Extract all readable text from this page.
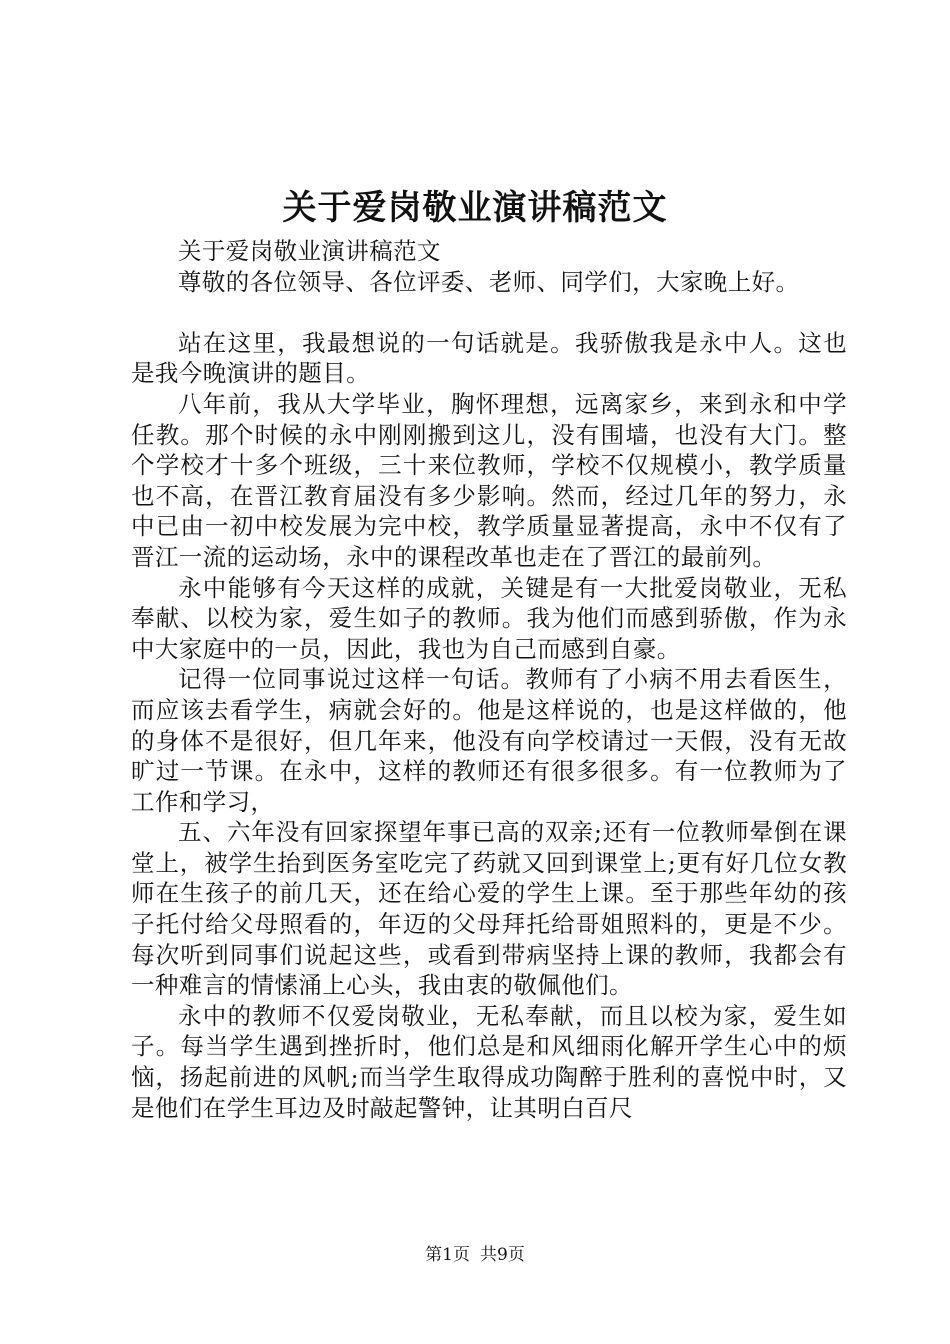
关于爱岗敬业演讲稿范文

关于爱岗敬业演讲稿范文

尊敬的各位领导、各位评委、老师、同学们，大家晚上好。

站在这里，我最想说的一句话就是。我骄傲我是永中人。这也是我今晚演讲的题目。

八年前，我从大学毕业，胸怀理想，远离家乡，来到永和中学任教。那个时候的永中刚刚搬到这儿，没有围墙，也没有大门。整个学校才十多个班级，三十来位教师，学校不仅规模小，教学质量也不高，在晋江教育届没有多少影响。然而，经过几年的努力，永中已由一初中校发展为完中校，教学质量显著提高，永中不仅有了晋江一流的运动场，永中的课程改革也走在了晋江的最前列。

永中能够有今天这样的成就，关键是有一大批爱岗敬业，无私奉献、以校为家，爱生如子的教师。我为他们而感到骄傲，作为永中大家庭中的一员，因此，我也为自己而感到自豪。

记得一位同事说过这样一句话。教师有了小病不用去看医生，而应该去看学生，病就会好的。他是这样说的，也是这样做的，他的身体不是很好，但几年来，他没有向学校请过一天假，没有无故旷过一节课。在永中，这样的教师还有很多很多。有一位教师为了工作和学习，

五、六年没有回家探望年事已高的双亲;还有一位教师晕倒在课堂上，被学生抬到医务室吃完了药就又回到课堂上;更有好几位女教师在生孩子的前几天，还在给心爱的学生上课。至于那些年幼的孩子托付给父母照看的，年迈的父母拜托给哥姐照料的，更是不少。每次听到同事们说起这些，或看到带病坚持上课的教师，我都会有一种难言的情愫涌上心头，我由衷的敬佩他们。

永中的教师不仅爱岗敬业，无私奉献，而且以校为家，爱生如子。每当学生遇到挫折时，他们总是和风细雨化解开学生心中的烦恼，扬起前进的风帆;而当学生取得成功陶醉于胜利的喜悦中时，又是他们在学生耳边及时敲起警钟，让其明白百尺

第1页 共9页
